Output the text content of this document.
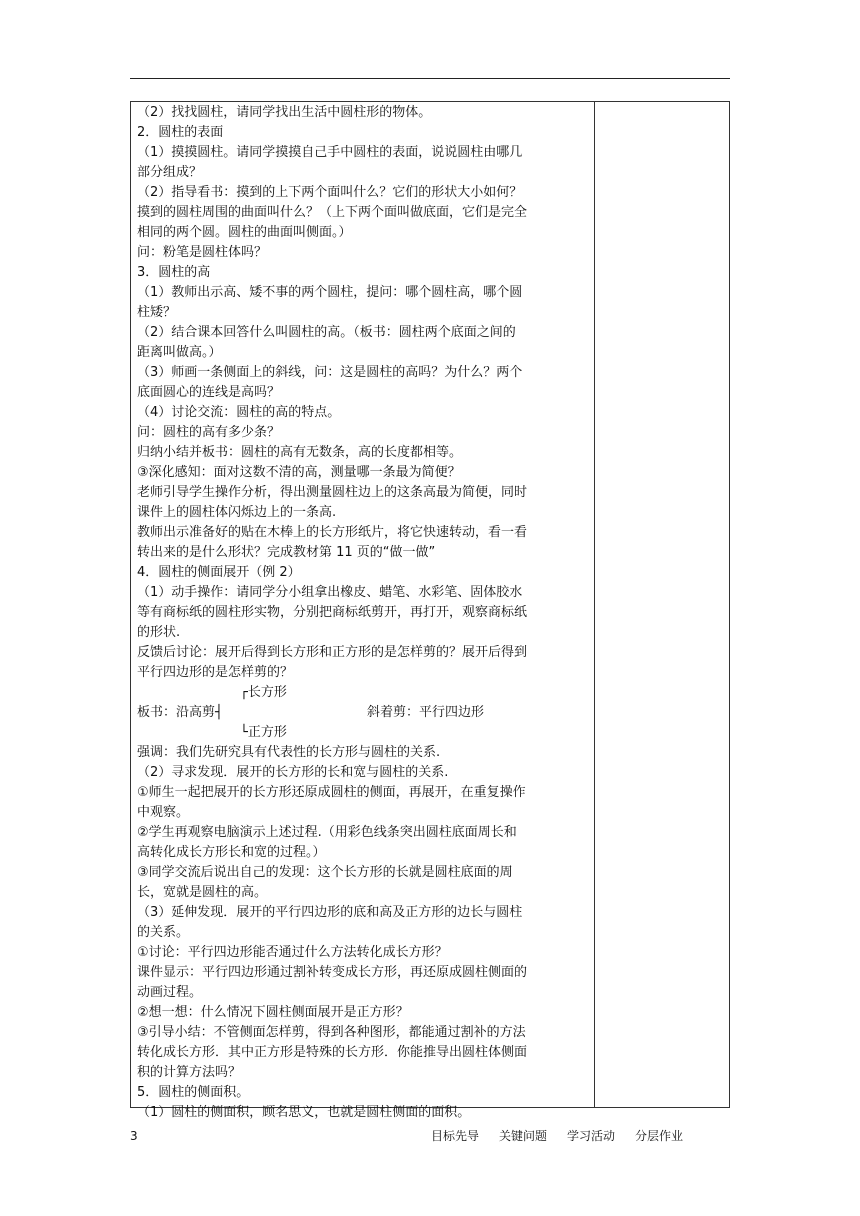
（2）找找圆柱，请同学找出生活中圆柱形的物体。
2．圆柱的表面
（1）摸摸圆柱。请同学摸摸自己手中圆柱的表面，说说圆柱由哪几
部分组成？
（2）指导看书：摸到的上下两个面叫什么？它们的形状大小如何？
摸到的圆柱周围的曲面叫什么？（上下两个面叫做底面，它们是完全
相同的两个圆。圆柱的曲面叫侧面。）
问：粉笔是圆柱体吗？
3．圆柱的高
（1）教师出示高、矮不事的两个圆柱，提问：哪个圆柱高，哪个圆
柱矮？
（2）结合课本回答什么叫圆柱的高。（板书：圆柱两个底面之间的
距离叫做高。）
（3）师画一条侧面上的斜线，问：这是圆柱的高吗？为什么？两个
底面圆心的连线是高吗？
（4）讨论交流：圆柱的高的特点。
问：圆柱的高有多少条？
归纳小结并板书：圆柱的高有无数条，高的长度都相等。
③深化感知：面对这数不清的高，测量哪一条最为简便？
老师引导学生操作分析，得出测量圆柱边上的这条高最为简便，同时
课件上的圆柱体闪烁边上的一条高.
教师出示准备好的贴在木棒上的长方形纸片，将它快速转动，看一看
转出来的是什么形状？完成教材第 11 页的“做一做”
4．圆柱的侧面展开（例 2）
（1）动手操作：请同学分小组拿出橡皮、蜡笔、水彩笔、固体胶水
等有商标纸的圆柱形实物，分别把商标纸剪开，再打开，观察商标纸
的形状.
反馈后讨论：展开后得到长方形和正方形的是怎样剪的？展开后得到
平行四边形的是怎样剪的？
┌长方形
板书：沿高剪┤	斜着剪：平行四边形
└正方形
强调：我们先研究具有代表性的长方形与圆柱的关系.
（2）寻求发现．展开的长方形的长和宽与圆柱的关系.
①师生一起把展开的长方形还原成圆柱的侧面，再展开，在重复操作
中观察。
②学生再观察电脑演示上述过程.（用彩色线条突出圆柱底面周长和
高转化成长方形长和宽的过程。）
③同学交流后说出自己的发现：这个长方形的长就是圆柱底面的周
长，宽就是圆柱的高。
（3）延伸发现．展开的平行四边形的底和高及正方形的边长与圆柱
的关系。
①讨论：平行四边形能否通过什么方法转化成长方形？
课件显示：平行四边形通过割补转变成长方形，再还原成圆柱侧面的
动画过程。
②想一想：什么情况下圆柱侧面展开是正方形？
③引导小结：不管侧面怎样剪，得到各种图形，都能通过割补的方法
转化成长方形．其中正方形是特殊的长方形．你能推导出圆柱体侧面
积的计算方法吗？
5．圆柱的侧面积。
（1）圆柱的侧面积，顾名思义，也就是圆柱侧面的面积。
3	目标先导 关键问题 学习活动 分层作业
